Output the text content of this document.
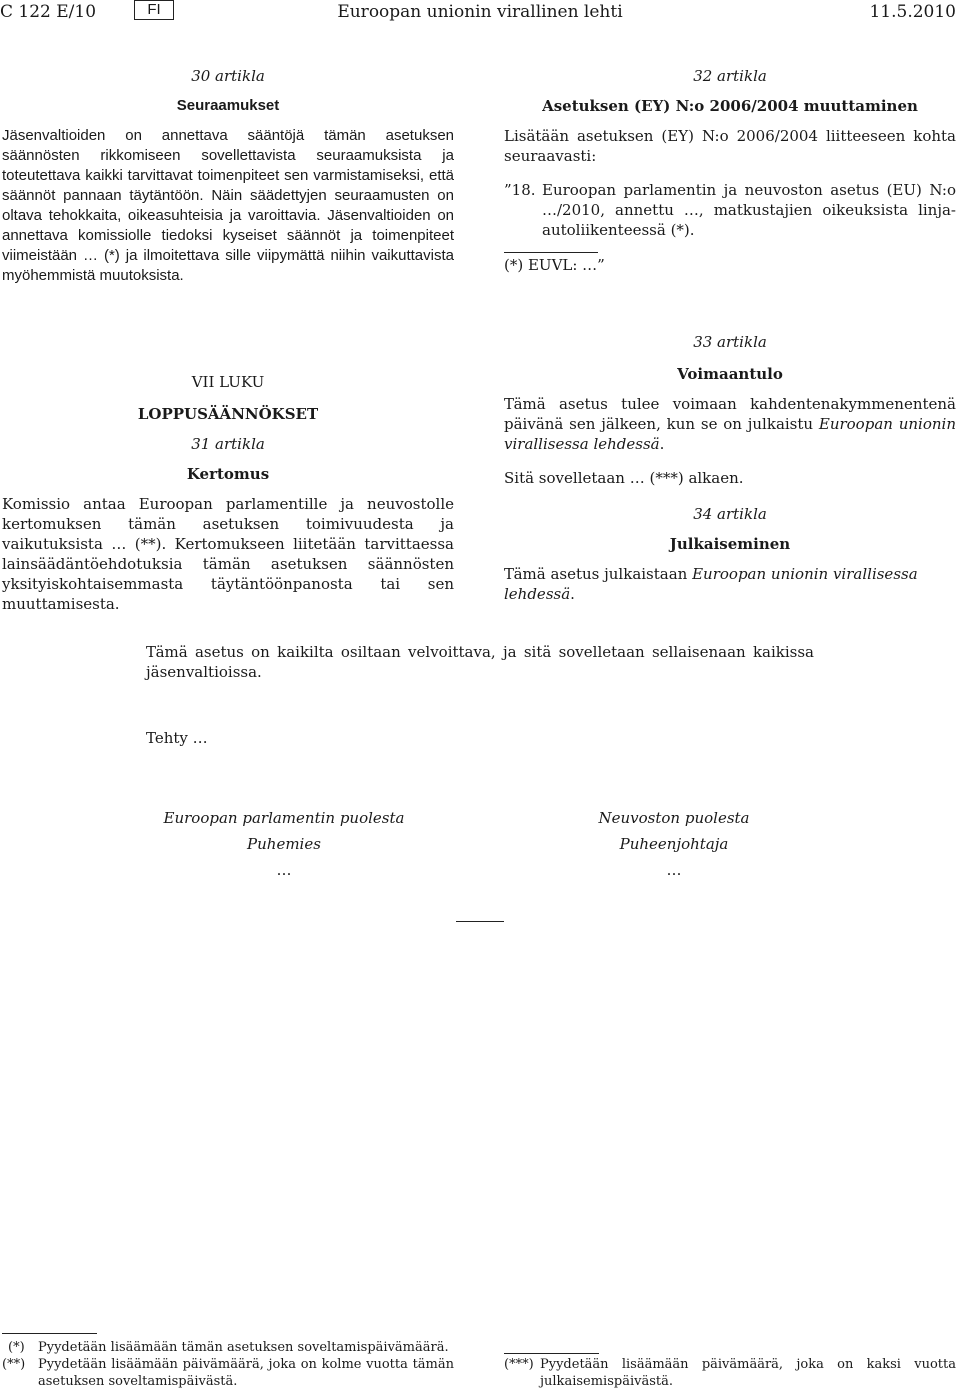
C 122 E/10	FI	Euroopan unionin virallinen lehti	11.5.2010
30 artikla
Seuraamukset
Jäsenvaltioiden on annettava sääntöjä tämän asetuksen säännösten rikkomiseen sovellettavista seuraamuksista ja toteutettava kaikki tarvittavat toimenpiteet sen varmistamiseksi, että säännöt pannaan täytäntöön. Näin säädettyjen seuraamusten on oltava tehokkaita, oikeasuhteisia ja varoittavia. Jäsenvaltioiden on annettava komissiolle tiedoksi kyseiset säännöt ja toimenpiteet viimeistään … (*) ja ilmoitettava sille viipymättä niihin vaikuttavista myöhemmistä muutoksista.
32 artikla
Asetuksen (EY) N:o 2006/2004 muuttaminen
Lisätään asetuksen (EY) N:o 2006/2004 liitteeseen kohta seuraavasti:
”18. Euroopan parlamentin ja neuvoston asetus (EU) N:o …/2010, annettu …, matkustajien oikeuksista linja-autoliikenteessä (*).
(*) EUVL: …”
VII LUKU
LOPPUSÄÄNNÖKSET
31 artikla
Kertomus
Komissio antaa Euroopan parlamentille ja neuvostolle kertomuksen tämän asetuksen toimivuudesta ja vaikutuksista … (**). Kertomukseen liitetään tarvittaessa lainsäädäntöehdotuksia tämän asetuksen säännösten yksityiskohtaisemmasta täytäntöönpanosta tai sen muuttamisesta.
33 artikla
Voimaantulo
Tämä asetus tulee voimaan kahdentenakymmenentenä päivänä sen jälkeen, kun se on julkaistu Euroopan unionin virallisessa lehdessä.
Sitä sovelletaan … (***) alkaen.
34 artikla
Julkaiseminen
Tämä asetus julkaistaan Euroopan unionin virallisessa lehdessä.
Tämä asetus on kaikilta osiltaan velvoittava, ja sitä sovelletaan sellaisenaan kaikissa jäsenvaltioissa.
Tehty …
Euroopan parlamentin puolesta
Puhemies
…
Neuvoston puolesta
Puheenjohtaja
…
(*) Pyydetään lisäämään tämän asetuksen soveltamispäivämäärä.
(**) Pyydetään lisäämään päivämäärä, joka on kolme vuotta tämän asetuksen soveltamispäivästä.
(***) Pyydetään lisäämään päivämäärä, joka on kaksi vuotta julkaisemispäivästä.
